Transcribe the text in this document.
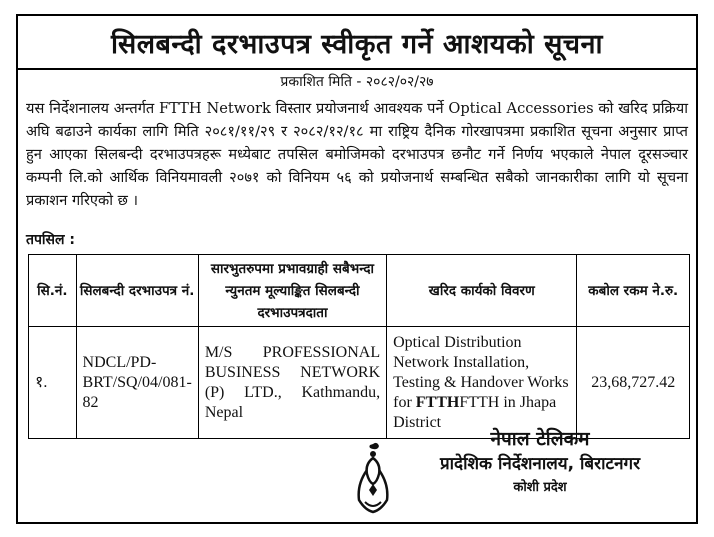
सिलबन्दी दरभाउपत्र स्वीकृत गर्ने आशयको सूचना
प्रकाशित मिति - २०८२/०२/२७
यस निर्देशनालय अन्तर्गत FTTH Network विस्तार प्रयोजनार्थ आवश्यक पर्ने Optical Accessories को खरिद प्रक्रिया अघि बढाउने कार्यका लागि मिति २०८१/११/२९ र २०८२/१२/१८ मा राष्ट्रिय दैनिक गोरखापत्रमा प्रकाशित सूचना अनुसार प्राप्त हुन आएका सिलबन्दी दरभाउपत्रहरू मध्येबाट तपसिल बमोजिमको दरभाउपत्र छनौट गर्ने निर्णय भएकाले नेपाल दूरसञ्चार कम्पनी लि.को आर्थिक विनियमावली २०७१ को विनियम ५६ को प्रयोजनार्थ सम्बन्धित सबैको जानकारीका लागि यो सूचना प्रकाशन गरिएको छ ।
तपसिल :
सि.नं.	सिलबन्दी दरभाउपत्र नं.	सारभुतरुपमा प्रभावग्राही सबैभन्दा न्युनतम मूल्याङ्कित सिलबन्दी दरभाउपत्रदाता	खरिद कार्यको विवरण	कबोल रकम ने.रु.
१.	NDCL/PD-BRT/SQ/04/081-82	M/S PROFESSIONAL BUSINESS NETWORK (P) LTD., Kathmandu, Nepal	Optical Distribution Network Installation, Testing & Handover Works for FTTHFTTH in Jhapa District	23,68,727.42
नेपाल टेलिकम
प्रादेशिक निर्देशनालय, बिराटनगर
कोशी प्रदेश
